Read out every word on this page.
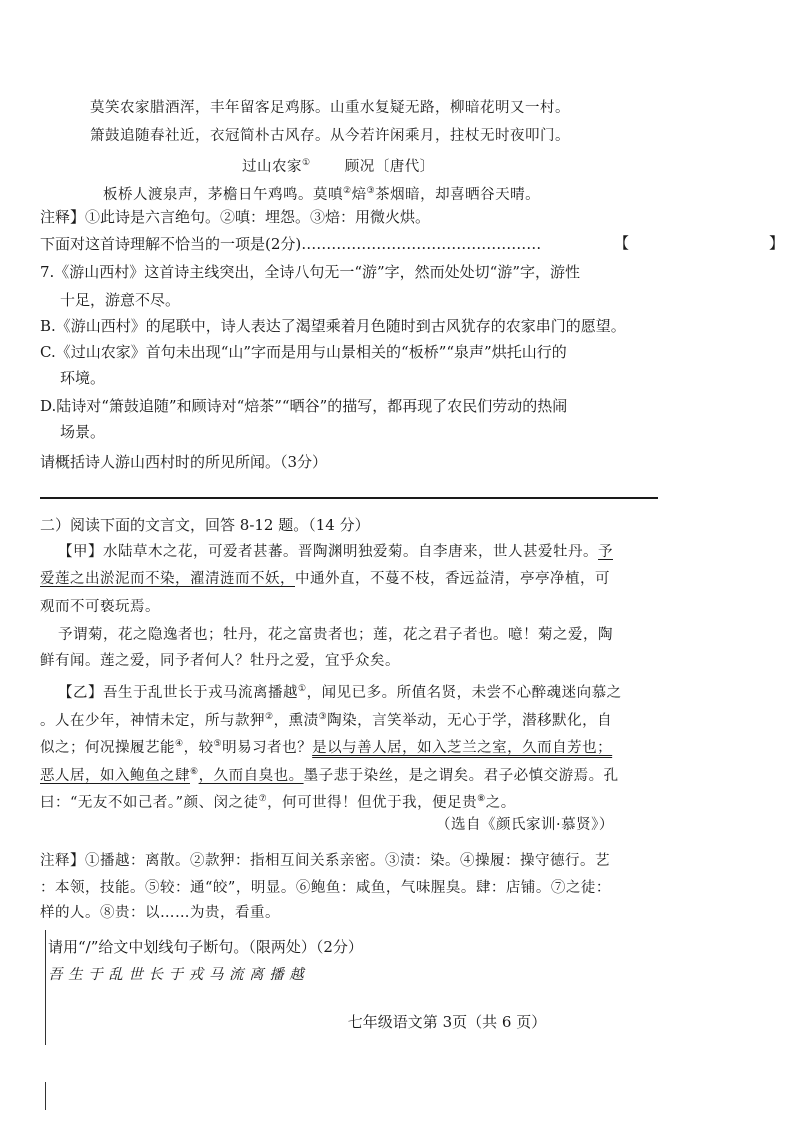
莫笑农家腊酒浑，丰年留客足鸡豚。山重水复疑无路，柳暗花明又一村。
箫鼓追随春社近，衣冠简朴古风存。从今若许闲乘月，拄杖无时夜叩门。
过山农家① 顾况〔唐代〕
板桥人渡泉声，茅檐日午鸡鸣。莫嗔②焙③茶烟暗，却喜晒谷天晴。
注释】①此诗是六言绝句。②嗔：埋怨。③焙：用微火烘。
下面对这首诗理解不恰当的一项是(2分)…………………………………………	【	】
7.《游山西村》这首诗主线突出，全诗八句无一“游”字，然而处处切“游”字，游性
十足，游意不尽。
B.《游山西村》的尾联中，诗人表达了渴望乘着月色随时到古风犹存的农家串门的愿望。
C.《过山农家》首句未出现“山”字而是用与山景相关的“板桥”“泉声”烘托山行的
环境。
D.陆诗对“箫鼓追随”和顾诗对“焙茶”“晒谷”的描写，都再现了农民们劳动的热闹
场景。
请概括诗人游山西村时的所见所闻。（3分）
二）阅读下面的文言文，回答 8-12 题。（14 分）
【甲】水陆草木之花，可爱者甚蕃。晋陶渊明独爱菊。自李唐来，世人甚爱牡丹。予
爱莲之出淤泥而不染，濯清涟而不妖，中通外直，不蔓不枝，香远益清，亭亭净植，可
观而不可亵玩焉。
予谓菊，花之隐逸者也；牡丹，花之富贵者也；莲，花之君子者也。噫！菊之爱，陶
鲜有闻。莲之爱，同予者何人？牡丹之爱，宜乎众矣。
【乙】吾生于乱世长于戎马流离播越①，闻见已多。所值名贤，未尝不心醉魂迷向慕之
。人在少年，神情未定，所与款狎②，熏渍③陶染，言笑举动，无心于学，潜移默化，自
似之；何况操履艺能④，较⑤明易习者也？是以与善人居，如入芝兰之室，久而自芳也；
恶人居，如入鲍鱼之肆⑥，久而自臭也。墨子悲于染丝，是之谓矣。君子必慎交游焉。孔
曰：“无友不如己者。”颜、闵之徒⑦，何可世得！但优于我，便足贵⑧之。
（选自《颜氏家训·慕贤》）
注释】①播越：离散。②款狎：指相互间关系亲密。③渍：染。④操履：操守德行。艺
：本领，技能。⑤较：通“皎”，明显。⑥鲍鱼：咸鱼，气味腥臭。肆：店铺。⑦之徒：
样的人。⑧贵：以……为贵，看重。
请用“/”给文中划线句子断句。（限两处）（2分）
吾 生 于 乱 世 长 于 戎 马 流 离 播 越
七年级语文第 3页（共 6 页）
